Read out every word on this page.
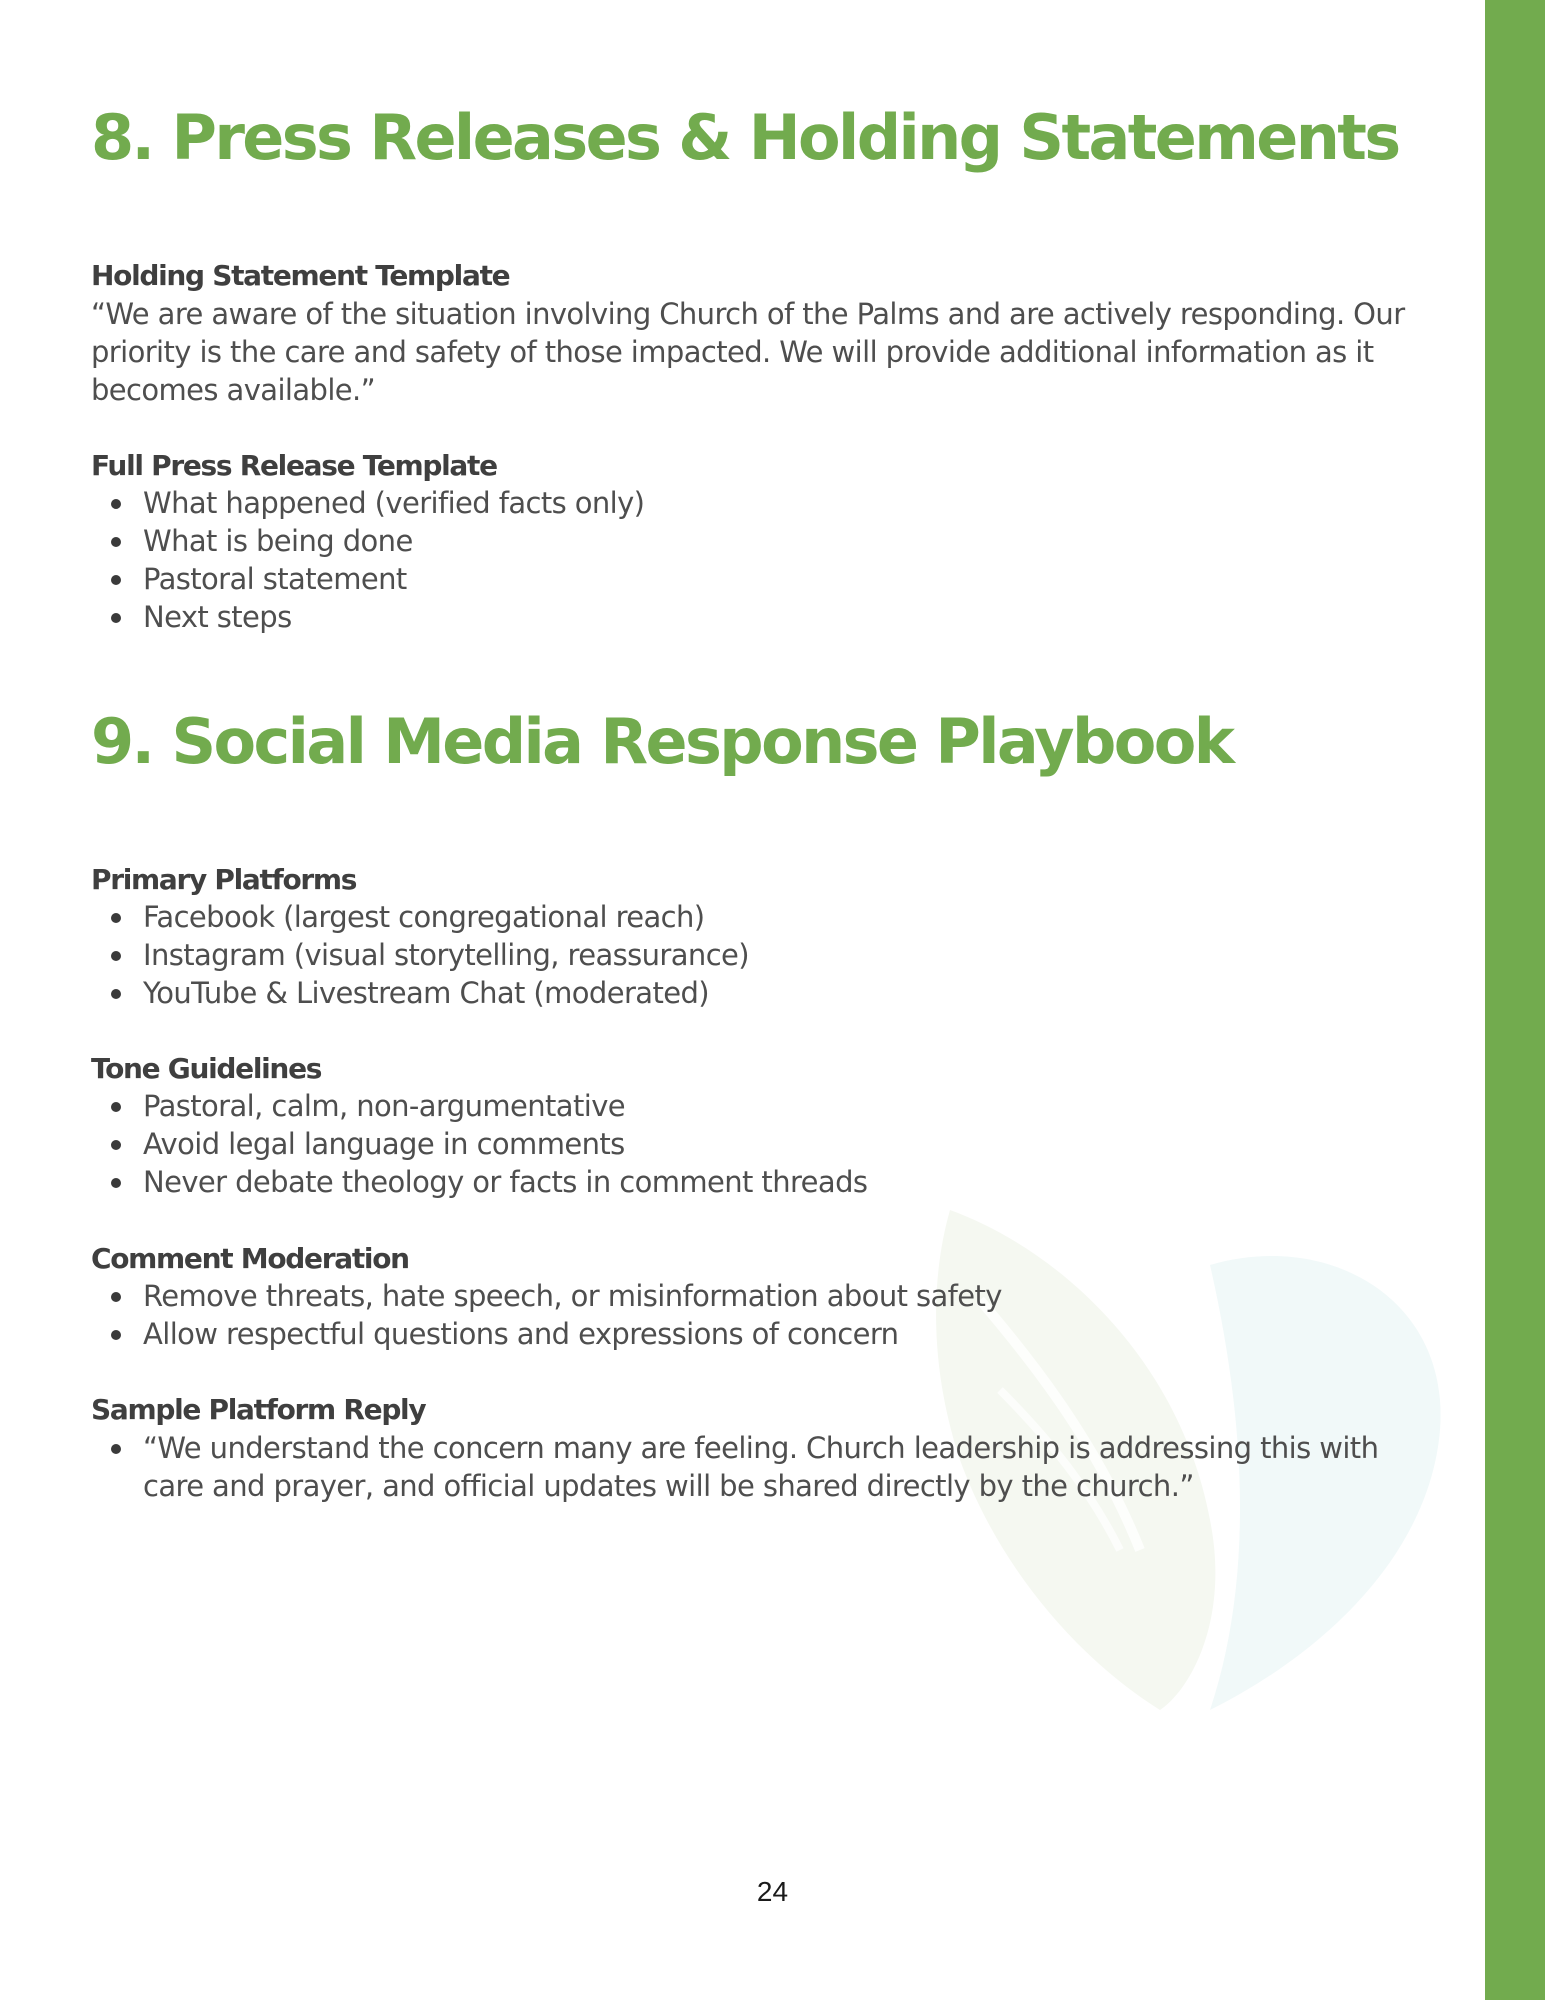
8. Press Releases & Holding Statements
Holding Statement Template

“We are aware of the situation involving Church of the Palms and are actively responding. Our priority is the care and safety of those impacted. We will provide additional information as it becomes available.”

Full Press Release Template
What happened (verified facts only)
What is being done
Pastoral statement
Next steps
9. Social Media Response Playbook
Primary Platforms
Facebook (largest congregational reach)
Instagram (visual storytelling, reassurance)
YouTube & Livestream Chat (moderated)
Tone Guidelines
Pastoral, calm, non-argumentative
Avoid legal language in comments
Never debate theology or facts in comment threads
Comment Moderation
Remove threats, hate speech, or misinformation about safety
Allow respectful questions and expressions of concern
Sample Platform Reply
“We understand the concern many are feeling. Church leadership is addressing this with care and prayer, and official updates will be shared directly by the church.”
24
